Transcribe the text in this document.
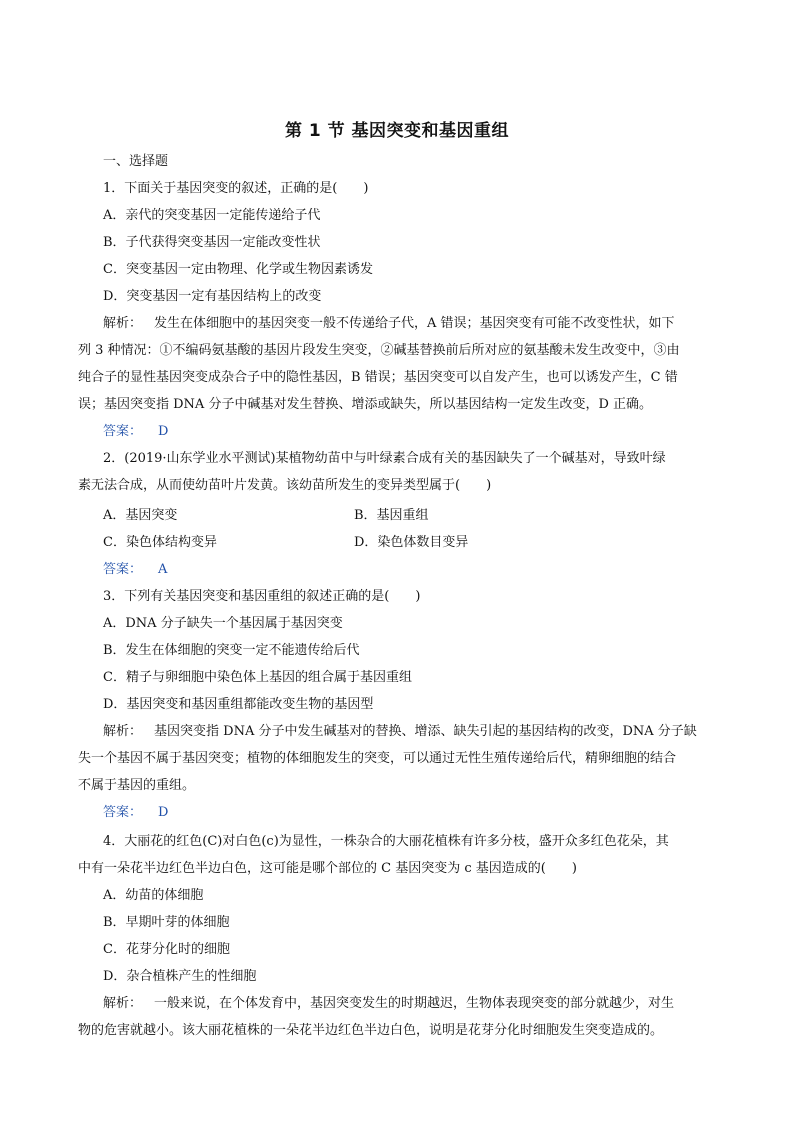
第 1 节 基因突变和基因重组
一、选择题
1．下面关于基因突变的叙述，正确的是(　　)
A．亲代的突变基因一定能传递给子代
B．子代获得突变基因一定能改变性状
C．突变基因一定由物理、化学或生物因素诱发
D．突变基因一定有基因结构上的改变
解析： 发生在体细胞中的基因突变一般不传递给子代，A 错误；基因突变有可能不改变性状，如下
列 3 种情况：①不编码氨基酸的基因片段发生突变，②碱基替换前后所对应的氨基酸未发生改变中，③由
纯合子的显性基因突变成杂合子中的隐性基因，B 错误；基因突变可以自发产生，也可以诱发产生，C 错
误；基因突变指 DNA 分子中碱基对发生替换、增添或缺失，所以基因结构一定发生改变，D 正确。
答案： D
2．(2019·山东学业水平测试)某植物幼苗中与叶绿素合成有关的基因缺失了一个碱基对，导致叶绿
素无法合成，从而使幼苗叶片发黄。该幼苗所发生的变异类型属于(　　)
A．基因突变	B．基因重组
C．染色体结构变异	D．染色体数目变异
答案： A
3．下列有关基因突变和基因重组的叙述正确的是(　　)
A．DNA 分子缺失一个基因属于基因突变
B．发生在体细胞的突变一定不能遗传给后代
C．精子与卵细胞中染色体上基因的组合属于基因重组
D．基因突变和基因重组都能改变生物的基因型
解析： 基因突变指 DNA 分子中发生碱基对的替换、增添、缺失引起的基因结构的改变，DNA 分子缺
失一个基因不属于基因突变；植物的体细胞发生的突变，可以通过无性生殖传递给后代，精卵细胞的结合
不属于基因的重组。
答案： D
4．大丽花的红色(C)对白色(c)为显性，一株杂合的大丽花植株有许多分枝，盛开众多红色花朵，其
中有一朵花半边红色半边白色，这可能是哪个部位的 C 基因突变为 c 基因造成的(　　)
A．幼苗的体细胞
B．早期叶芽的体细胞
C．花芽分化时的细胞
D．杂合植株产生的性细胞
解析： 一般来说，在个体发育中，基因突变发生的时期越迟，生物体表现突变的部分就越少，对生
物的危害就越小。该大丽花植株的一朵花半边红色半边白色，说明是花芽分化时细胞发生突变造成的。
